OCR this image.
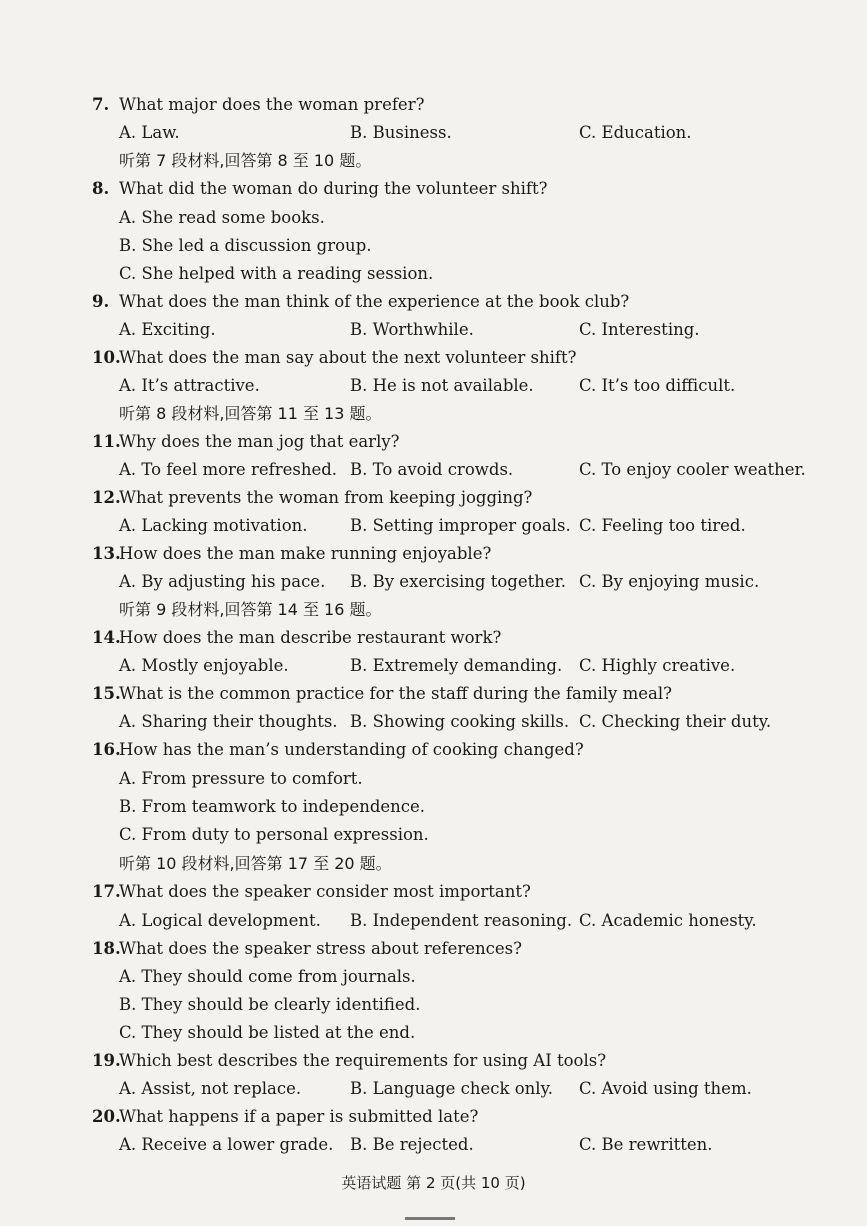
7. What major does the woman prefer?
A. Law.	B. Business.	C. Education.
听第 7 段材料,回答第 8 至 10 题。
8. What did the woman do during the volunteer shift?
A. She read some books.
B. She led a discussion group.
C. She helped with a reading session.
9. What does the man think of the experience at the book club?
A. Exciting.	B. Worthwhile.	C. Interesting.
10.
What does the man say about the next volunteer shift?
A. It’s attractive.	B. He is not available.	C. It’s too difficult.
听第 8 段材料,回答第 11 至 13 题。
11.
Why does the man jog that early?
A. To feel more refreshed. B. To avoid crowds.	C. To enjoy cooler weather.
12.
What prevents the woman from keeping jogging?
A. Lacking motivation.	B. Setting improper goals. C. Feeling too tired.
13.
How does the man make running enjoyable?
A. By adjusting his pace. B. By exercising together. C. By enjoying music.
听第 9 段材料,回答第 14 至 16 题。
14.
How does the man describe restaurant work?
A. Mostly enjoyable.	B. Extremely demanding. C. Highly creative.
15.
What is the common practice for the staff during the family meal?
A. Sharing their thoughts. B. Showing cooking skills. C. Checking their duty.
16.
How has the man’s understanding of cooking changed?
A. From pressure to comfort.
B. From teamwork to independence.
C. From duty to personal expression.
听第 10 段材料,回答第 17 至 20 题。
17.
What does the speaker consider most important?
A. Logical development. B. Independent reasoning. C. Academic honesty.
18.
What does the speaker stress about references?
A. They should come from journals.
B. They should be clearly identified.
C. They should be listed at the end.
19.
Which best describes the requirements for using AI tools?
A. Assist, not replace.	B. Language check only. C. Avoid using them.
20.
What happens if a paper is submitted late?
A. Receive a lower grade. B. Be rejected.	C. Be rewritten.
英语试题 第 2 页(共 10 页)
